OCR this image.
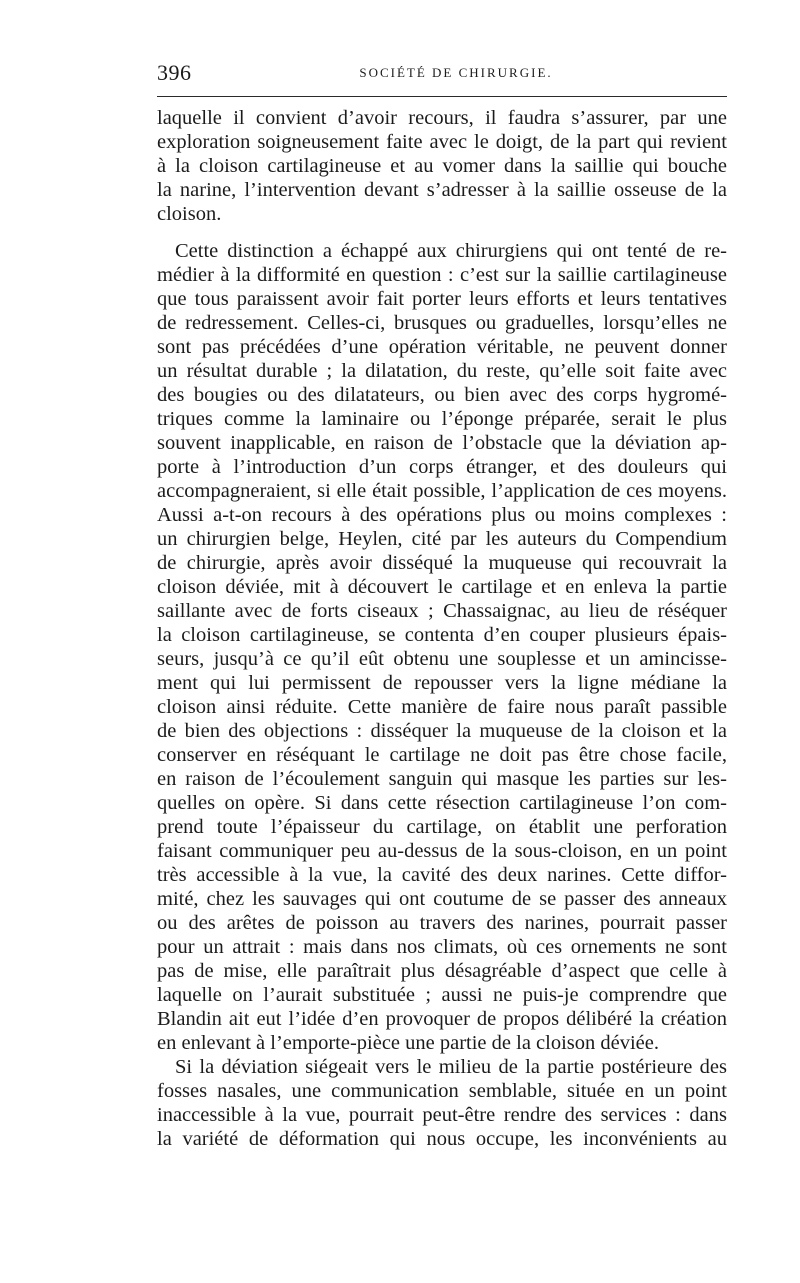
396	SOCIÉTÉ DE CHIRURGIE.
laquelle il convient d’avoir recours, il faudra s’assurer, par une
exploration soigneusement faite avec le doigt, de la part qui revient
à la cloison cartilagineuse et au vomer dans la saillie qui bouche
la narine, l’intervention devant s’adresser à la saillie osseuse de la
cloison.
Cette distinction a échappé aux chirurgiens qui ont tenté de re-
médier à la difformité en question : c’est sur la saillie cartilagineuse
que tous paraissent avoir fait porter leurs efforts et leurs tentatives
de redressement. Celles-ci, brusques ou graduelles, lorsqu’elles ne
sont pas précédées d’une opération véritable, ne peuvent donner
un résultat durable ; la dilatation, du reste, qu’elle soit faite avec
des bougies ou des dilatateurs, ou bien avec des corps hygromé-
triques comme la laminaire ou l’éponge préparée, serait le plus
souvent inapplicable, en raison de l’obstacle que la déviation ap-
porte à l’introduction d’un corps étranger, et des douleurs qui
accompagneraient, si elle était possible, l’application de ces moyens.
Aussi a-t-on recours à des opérations plus ou moins complexes :
un chirurgien belge, Heylen, cité par les auteurs du Compendium
de chirurgie, après avoir disséqué la muqueuse qui recouvrait la
cloison déviée, mit à découvert le cartilage et en enleva la partie
saillante avec de forts ciseaux ; Chassaignac, au lieu de réséquer
la cloison cartilagineuse, se contenta d’en couper plusieurs épais-
seurs, jusqu’à ce qu’il eût obtenu une souplesse et un amincisse-
ment qui lui permissent de repousser vers la ligne médiane la
cloison ainsi réduite. Cette manière de faire nous paraît passible
de bien des objections : disséquer la muqueuse de la cloison et la
conserver en réséquant le cartilage ne doit pas être chose facile,
en raison de l’écoulement sanguin qui masque les parties sur les-
quelles on opère. Si dans cette résection cartilagineuse l’on com-
prend toute l’épaisseur du cartilage, on établit une perforation
faisant communiquer peu au-dessus de la sous-cloison, en un point
très accessible à la vue, la cavité des deux narines. Cette diffor-
mité, chez les sauvages qui ont coutume de se passer des anneaux
ou des arêtes de poisson au travers des narines, pourrait passer
pour un attrait : mais dans nos climats, où ces ornements ne sont
pas de mise, elle paraîtrait plus désagréable d’aspect que celle à
laquelle on l’aurait substituée ; aussi ne puis-je comprendre que
Blandin ait eut l’idée d’en provoquer de propos délibéré la création
en enlevant à l’emporte-pièce une partie de la cloison déviée.
Si la déviation siégeait vers le milieu de la partie postérieure des
fosses nasales, une communication semblable, située en un point
inaccessible à la vue, pourrait peut-être rendre des services : dans
la variété de déformation qui nous occupe, les inconvénients au
